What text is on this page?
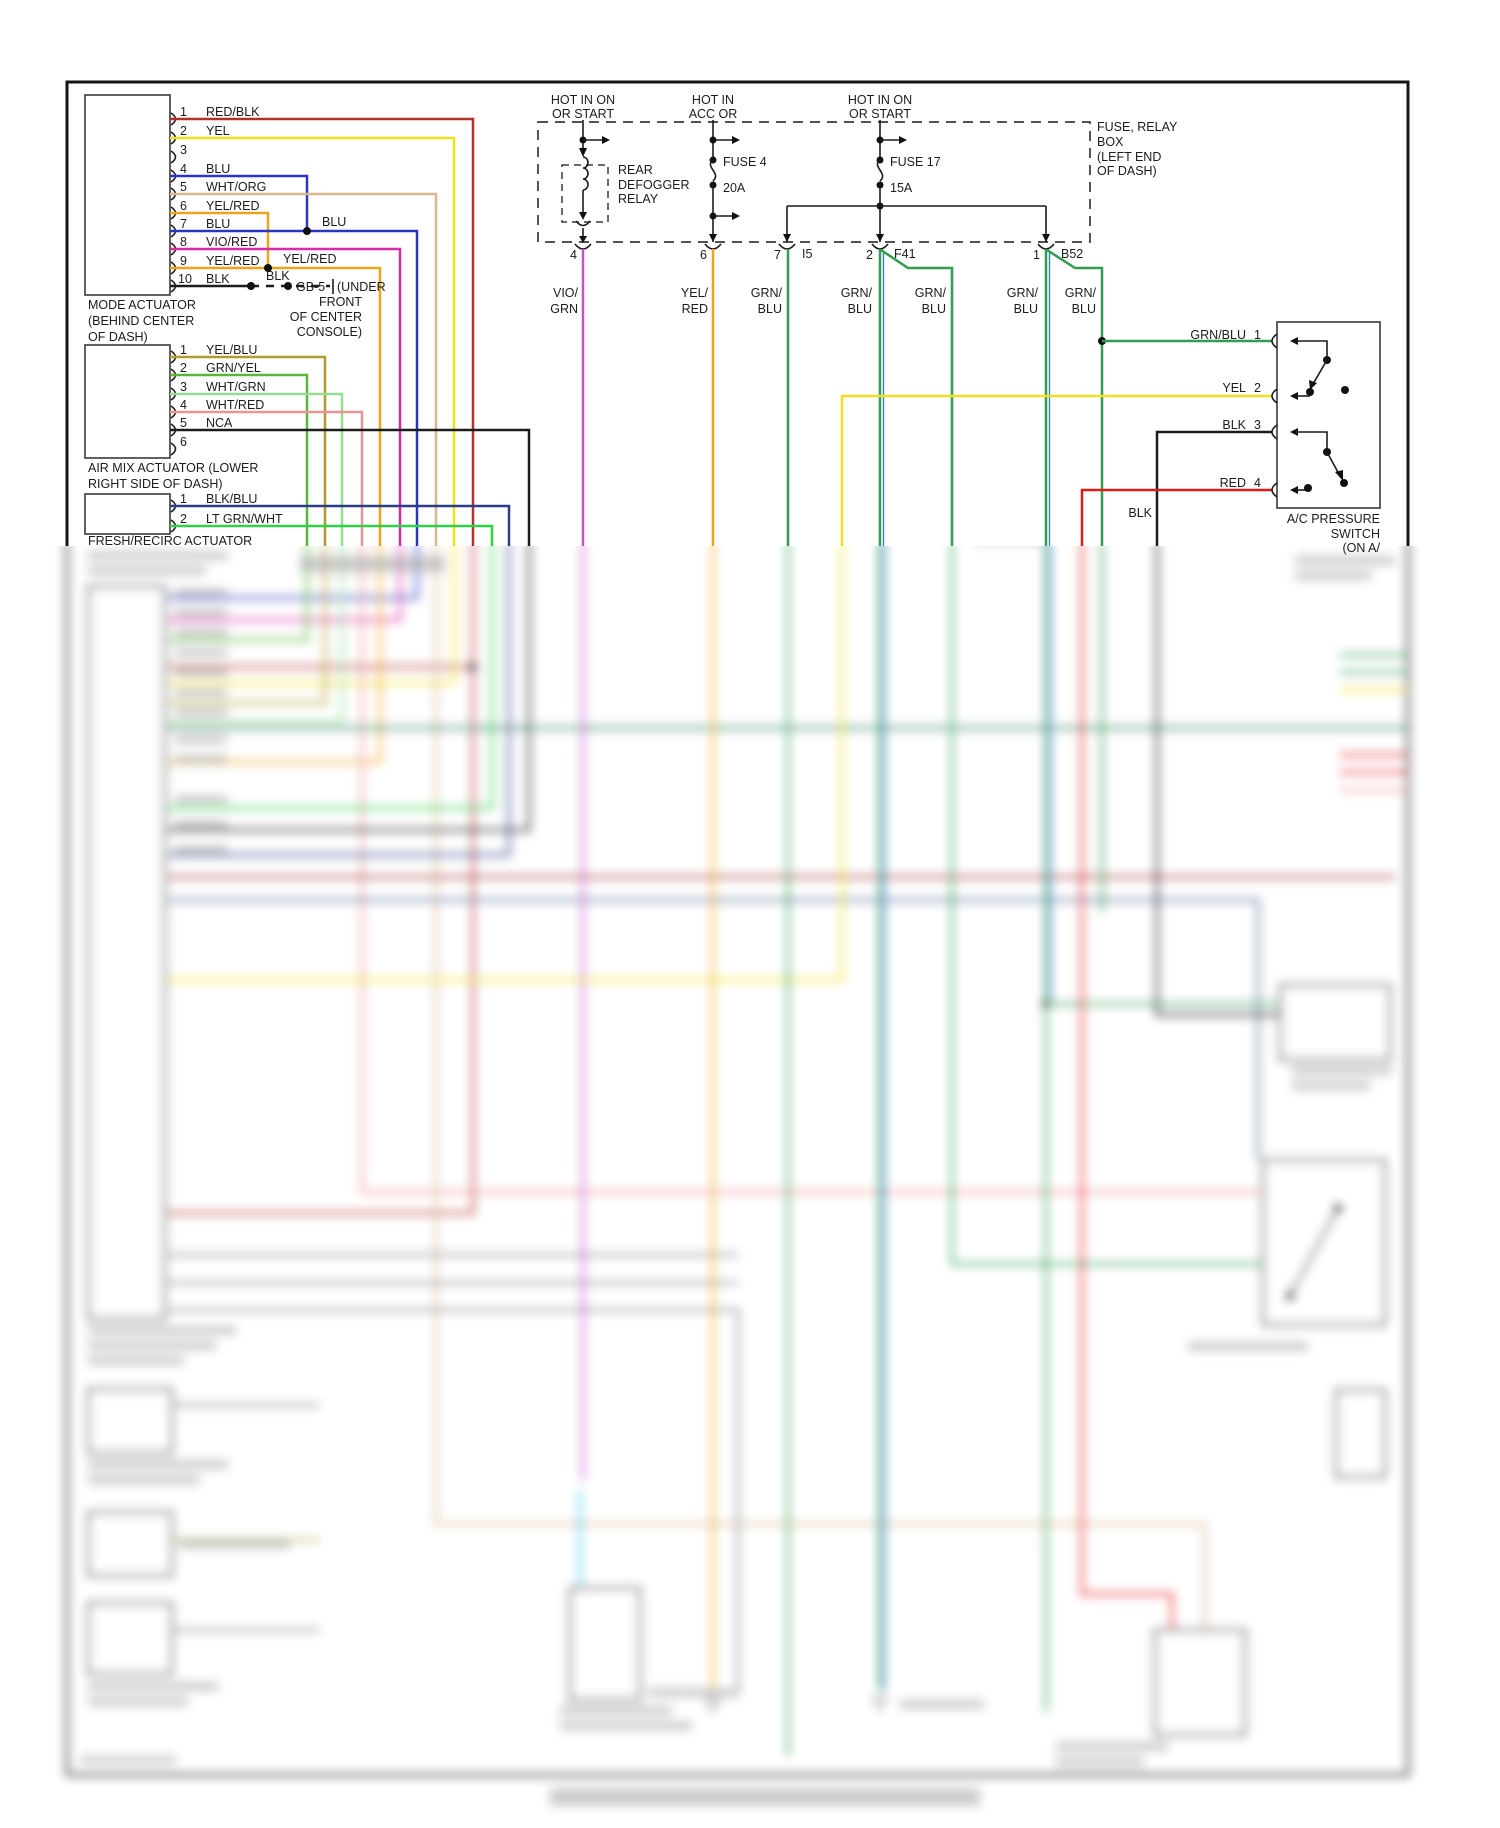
1 RED/BLK
2 YEL
3
4 BLU
5 WHT/ORG
6 YEL/RED
7 BLU
8 VIO/RED
9 YEL/RED
10 BLK
MODE ACTUATOR
(BEHIND CENTER
OF DASH)
1 YEL/BLU
2 GRN/YEL
3 WHT/GRN
4 WHT/RED
5 NCA
6
AIR MIX ACTUATOR (LOWER
RIGHT SIDE OF DASH)
1 BLK/BLU
2 LT GRN/WHT
FRESH/RECIRC ACTUATOR
BLU
YEL/RED
BLK
GB-5 (UNDER
FRONT
OF CENTER
CONSOLE)
HOT IN ON
OR START
HOT IN
ACC OR
HOT IN ON
OR START
FUSE, RELAY
BOX
(LEFT END
OF DASH)
REAR
DEFOGGER
RELAY
FUSE 4
20A
FUSE 17
15A
4	6	7 I5	2 F41	1 B52
VIO/
GRN
YEL/
RED
GRN/
BLU
GRN/
BLU
GRN/
BLU
GRN/
BLU
GRN/
BLU
GRN/BLU 1
YEL 2
BLK 3
RED 4
BLK	A/C PRESSURE
SWITCH
(ON A/
